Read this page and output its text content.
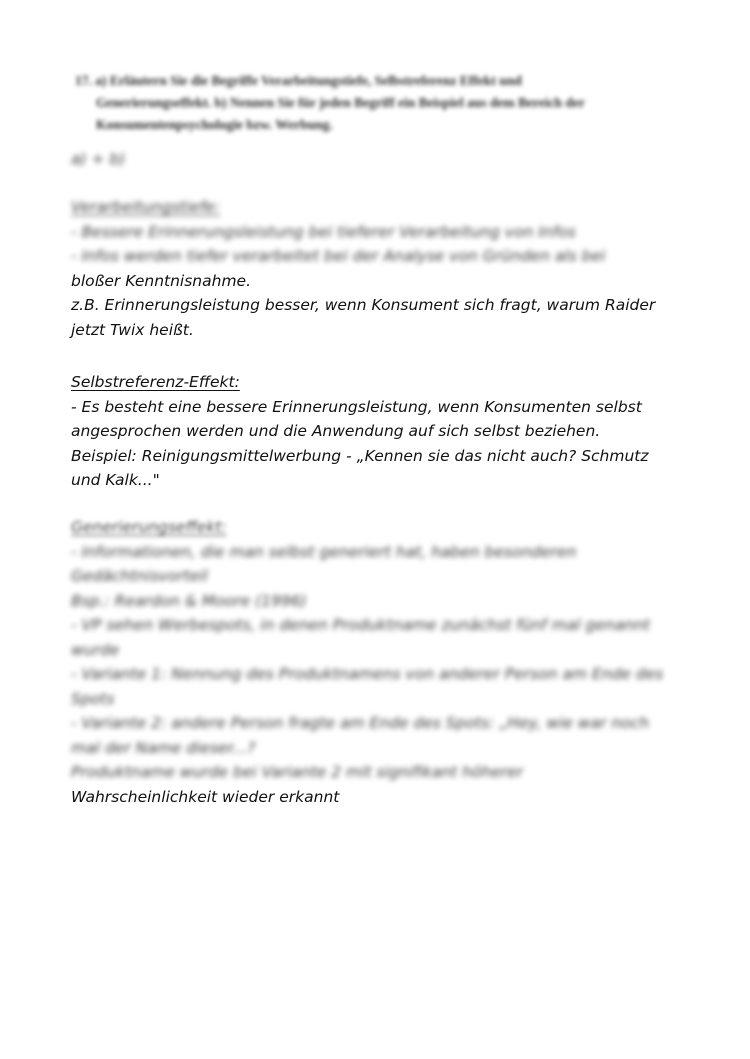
17. a) Erläutern Sie die Begriffe Verarbeitungstiefe, Selbstreferenz Effekt und
Generierungseffekt. b) Nennen Sie für jeden Begriff ein Beispiel aus dem Bereich der
Konsumentenpsychologie bzw. Werbung.
a) + b)
Verarbeitungstiefe:
- Bessere Erinnerungsleistung bei tieferer Verarbeitung von Infos
- Infos werden tiefer verarbeitet bei der Analyse von Gründen als bei
bloßer Kenntnisnahme.
z.B. Erinnerungsleistung besser, wenn Konsument sich fragt, warum Raider
jetzt Twix heißt.
Selbstreferenz-Effekt:
- Es besteht eine bessere Erinnerungsleistung, wenn Konsumenten selbst
angesprochen werden und die Anwendung auf sich selbst beziehen.
Beispiel: Reinigungsmittelwerbung - „Kennen sie das nicht auch? Schmutz
und Kalk..."
Generierungseffekt:
- Informationen, die man selbst generiert hat, haben besonderen
Gedächtnisvorteil
Bsp.: Reardon & Moore (1996)
- VP sehen Werbespots, in denen Produktname zunächst fünf mal genannt
wurde
- Variante 1: Nennung des Produktnamens von anderer Person am Ende des
Spots
- Variante 2: andere Person fragte am Ende des Spots: „Hey, wie war noch
mal der Name dieser...?
Produktname wurde bei Variante 2 mit signifikant höherer
Wahrscheinlichkeit wieder erkannt
